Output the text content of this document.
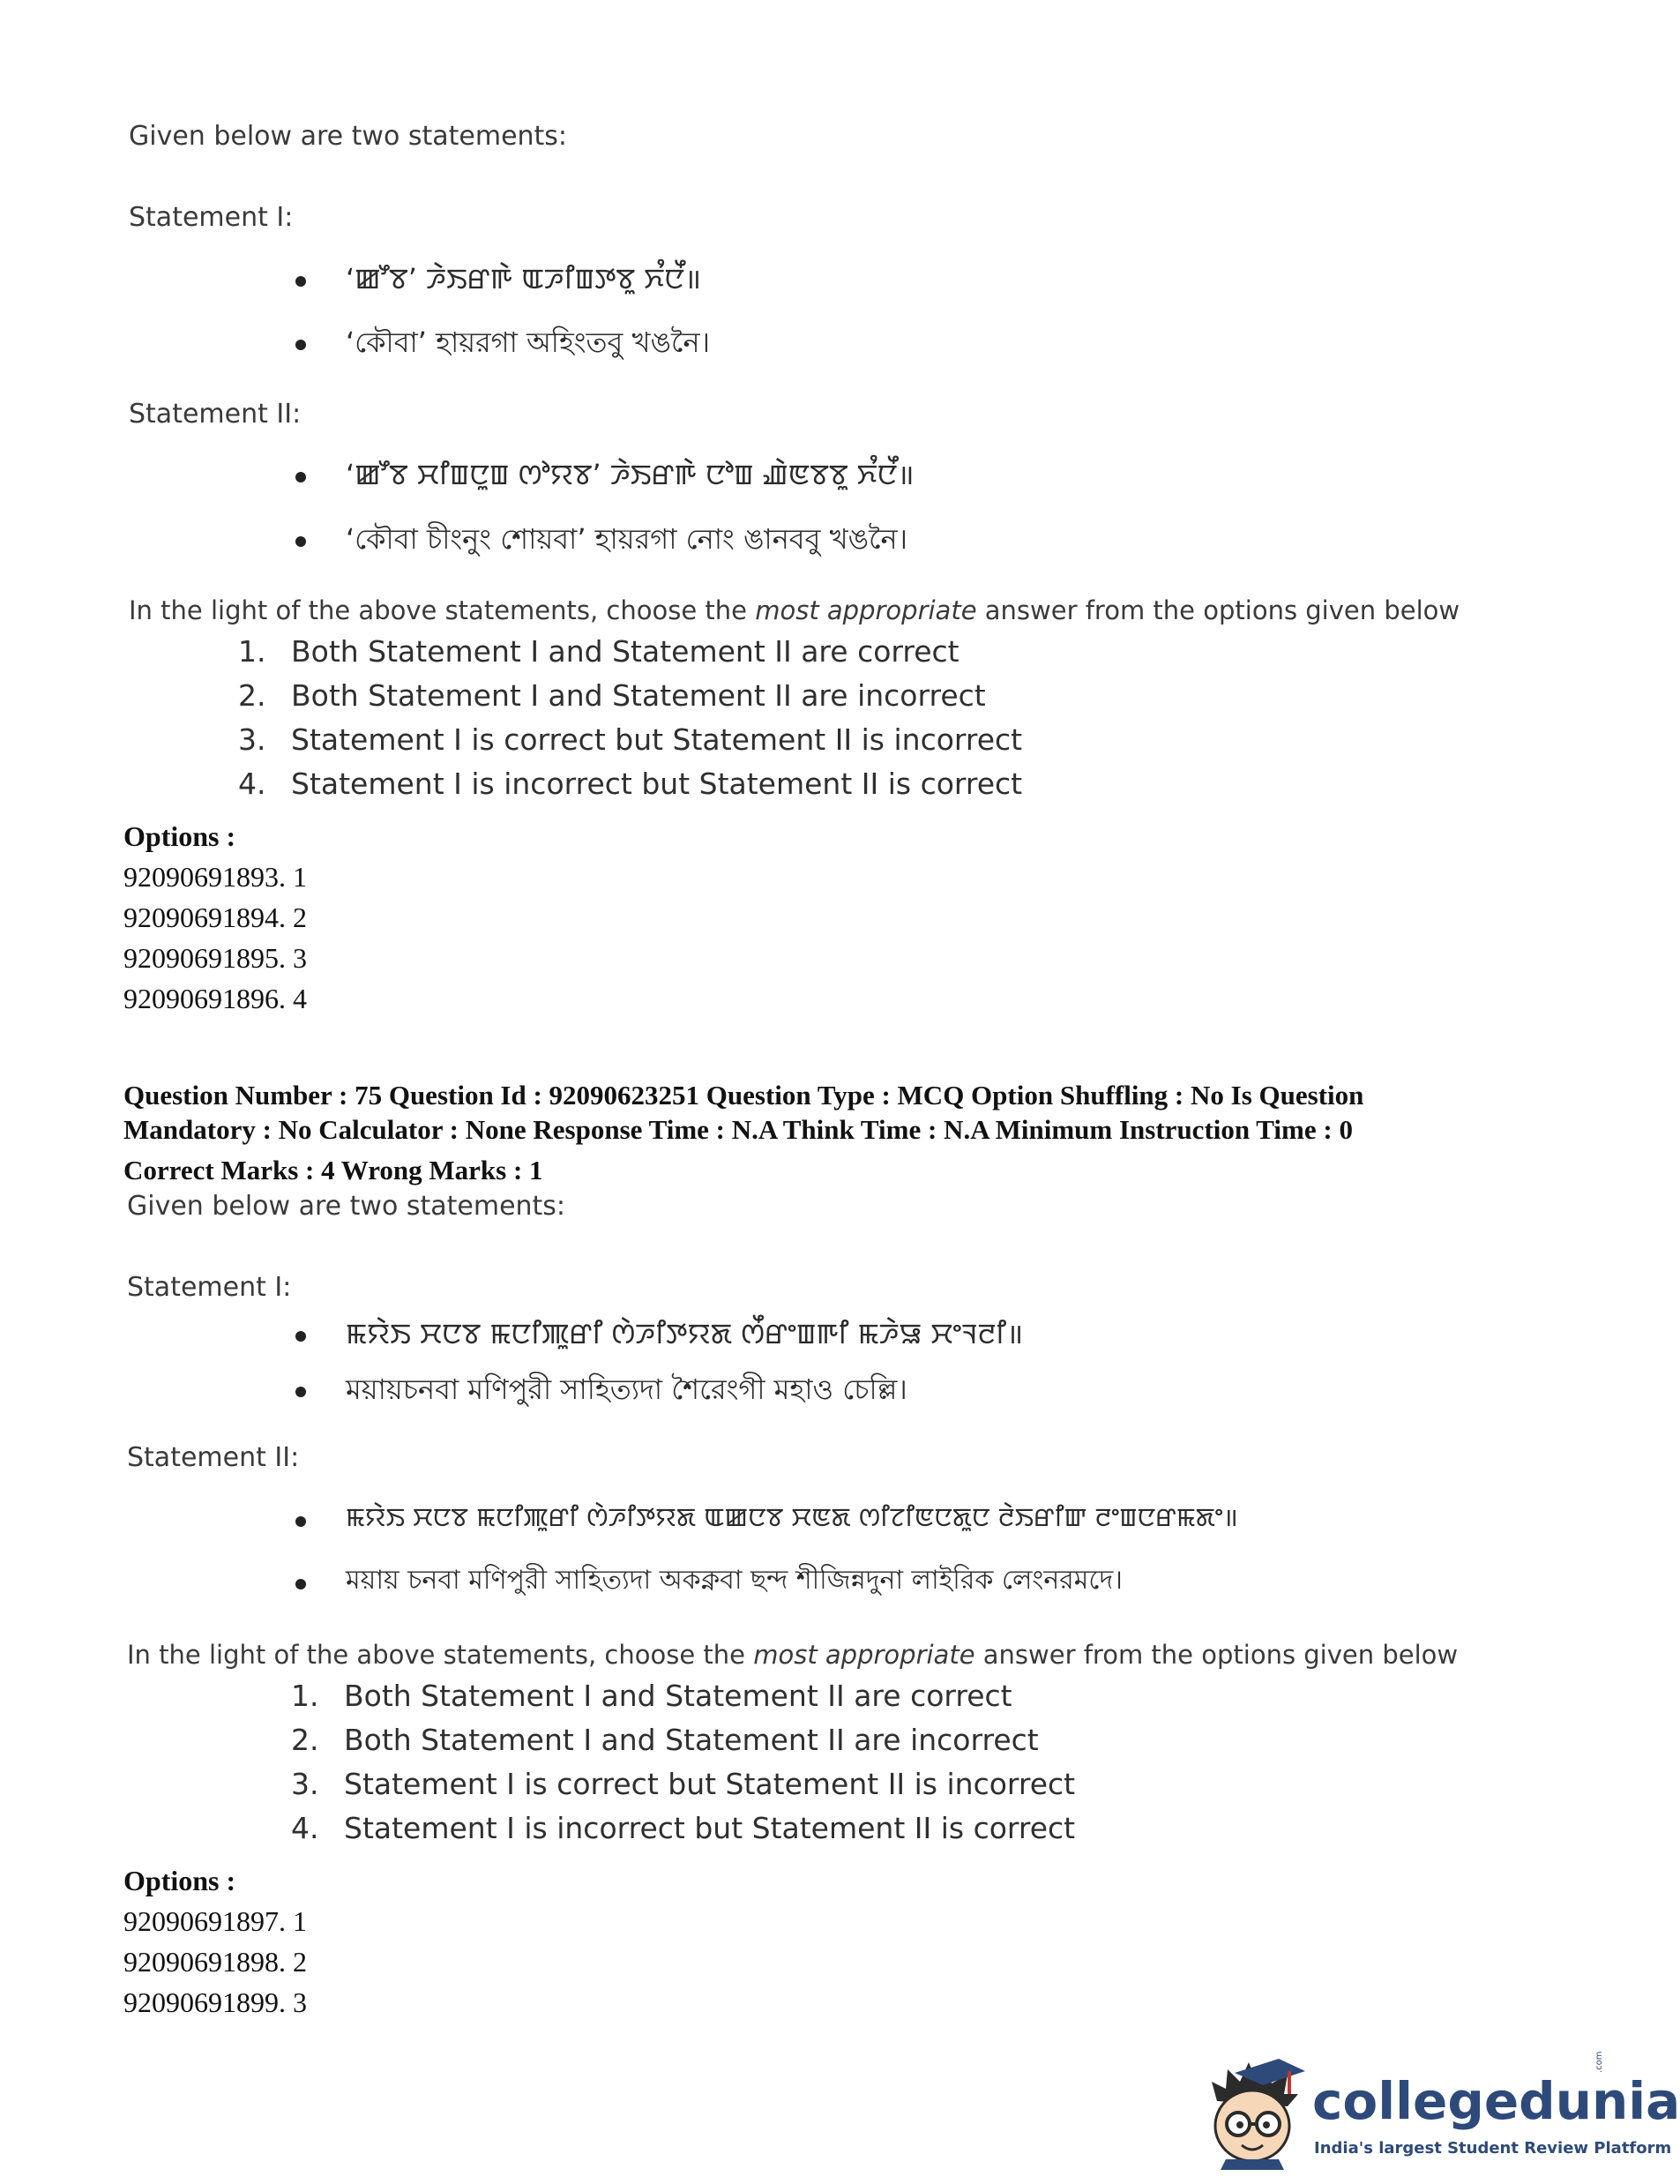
Given below are two statements:
Statement I:
‘ꯀꯧꯕ’ ꯍꯥꯏꯔꯒꯥ ꯑꯍꯤꯡꯇꯕꯨ ꯈꯪꯅꯩ॥
‘কৌবা’ হায়রগা অহিংতবু খঙনৈ।
Statement II:
‘ꯀꯧꯕ ꯆꯤꯡꯅꯨꯡ ꯁꯣꯌꯕ’ ꯍꯥꯏꯔꯒꯥ ꯅꯣꯡ ꯉꯥꯟꯕꯕꯨ ꯈꯪꯅꯩ॥
‘কৌবা চীংনুং শোয়বা’ হায়রগা নোং ঙানববু খঙনৈ।
In the light of the above statements, choose the most appropriate answer from the options given below
1. Both Statement I and Statement II are correct
2. Both Statement I and Statement II are incorrect
3. Statement I is correct but Statement II is incorrect
4. Statement I is incorrect but Statement II is correct
Options :
92090691893. 1
92090691894. 2
92090691895. 3
92090691896. 4
Question Number : 75 Question Id : 92090623251 Question Type : MCQ Option Shuffling : No Is Question
Mandatory : No Calculator : None Response Time : N.A Think Time : N.A Minimum Instruction Time : 0
Correct Marks : 4 Wrong Marks : 1
Given below are two statements:
Statement I:
ꯃꯌꯥꯏ ꯆꯅꯕ ꯃꯅꯤꯄꯨꯔꯤ ꯁꯥꯍꯤꯇꯌꯗ ꯁꯩꯔꯦꯡꯒꯤ ꯃꯍꯥꯎ ꯆꯦꯜꯂꯤ॥
ময়ায়চনবা মণিপুরী সাহিত্যদা শৈরেংগী মহাও চেল্লি।
Statement II:
ꯃꯌꯥꯏ ꯆꯅꯕ ꯃꯅꯤꯄꯨꯔꯤ ꯁꯥꯍꯤꯇꯌꯗ ꯑꯀꯅꯕ ꯆꯟꯗ ꯁꯤꯖꯤꯟꯅꯗꯨꯅ ꯂꯥꯏꯔꯤꯛ ꯂꯦꯡꯅꯔꯃꯗꯦ॥
ময়ায় চনবা মণিপুরী সাহিত্যদা অকক্নবা ছন্দ শীজিন্নদুনা লাইরিক লেংনরমদে।
In the light of the above statements, choose the most appropriate answer from the options given below
1. Both Statement I and Statement II are correct
2. Both Statement I and Statement II are incorrect
3. Statement I is correct but Statement II is incorrect
4. Statement I is incorrect but Statement II is correct
Options :
92090691897. 1
92090691898. 2
92090691899. 3
collegedunia
.com
India's largest Student Review Platform
